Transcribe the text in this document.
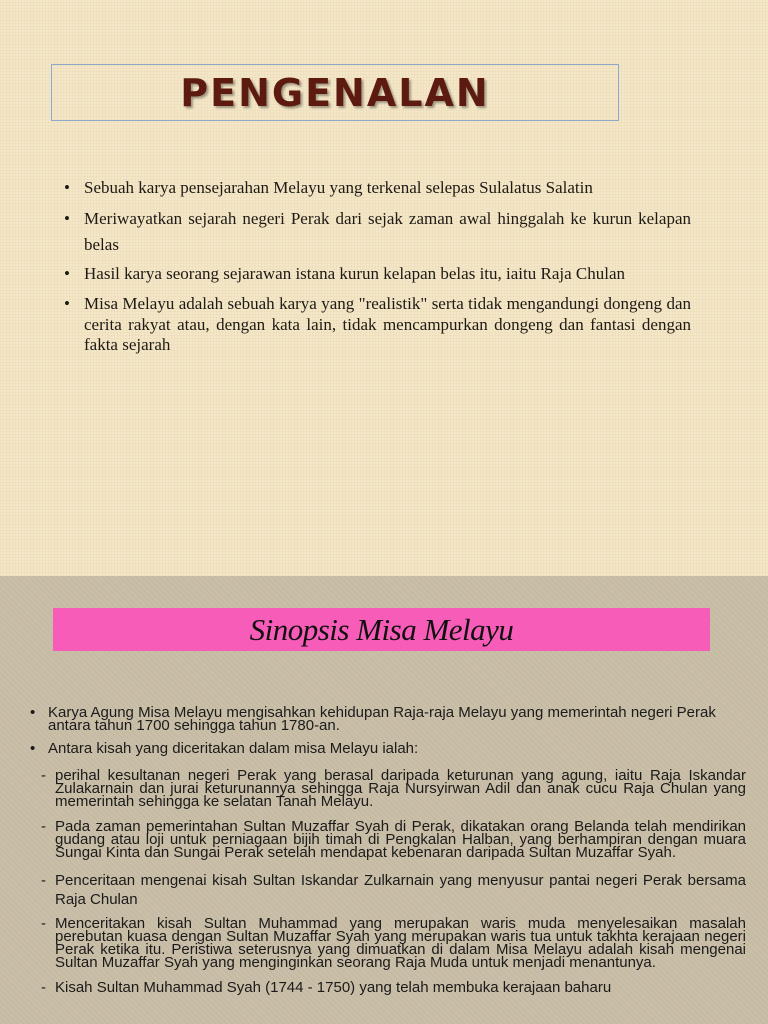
PENGENALAN
• Sebuah karya pensejarahan Melayu yang terkenal selepas Sulalatus Salatin
• Meriwayatkan sejarah negeri Perak dari sejak zaman awal hinggalah ke kurun kelapan belas
• Hasil karya seorang sejarawan istana kurun kelapan belas itu, iaitu Raja Chulan
• Misa Melayu adalah sebuah karya yang "realistik" serta tidak mengandungi dongeng dan cerita rakyat atau, dengan kata lain, tidak mencampurkan dongeng dan fantasi dengan fakta sejarah
Sinopsis Misa Melayu
• Karya Agung Misa Melayu mengisahkan kehidupan Raja-raja Melayu yang memerintah negeri Perak antara tahun 1700 sehingga tahun 1780-an.
• Antara kisah yang diceritakan dalam misa Melayu ialah:
- perihal kesultanan negeri Perak yang berasal daripada keturunan yang agung, iaitu Raja Iskandar Zulakarnain dan jurai keturunannya sehingga Raja Nursyirwan Adil dan anak cucu Raja Chulan yang memerintah sehingga ke selatan Tanah Melayu.
- Pada zaman pemerintahan Sultan Muzaffar Syah di Perak, dikatakan orang Belanda telah mendirikan gudang atau loji untuk perniagaan bijih timah di Pengkalan Halban, yang berhampiran dengan muara Sungai Kinta dan Sungai Perak setelah mendapat kebenaran daripada Sultan Muzaffar Syah.
- Penceritaan mengenai kisah Sultan Iskandar Zulkarnain yang menyusur pantai negeri Perak bersama Raja Chulan
- Menceritakan kisah Sultan Muhammad yang merupakan waris muda menyelesaikan masalah perebutan kuasa dengan Sultan Muzaffar Syah yang merupakan waris tua untuk takhta kerajaan negeri Perak ketika itu. Peristiwa seterusnya yang dimuatkan di dalam Misa Melayu adalah kisah mengenai Sultan Muzaffar Syah yang menginginkan seorang Raja Muda untuk menjadi menantunya.
- Kisah Sultan Muhammad Syah (1744 - 1750) yang telah membuka kerajaan baharu
